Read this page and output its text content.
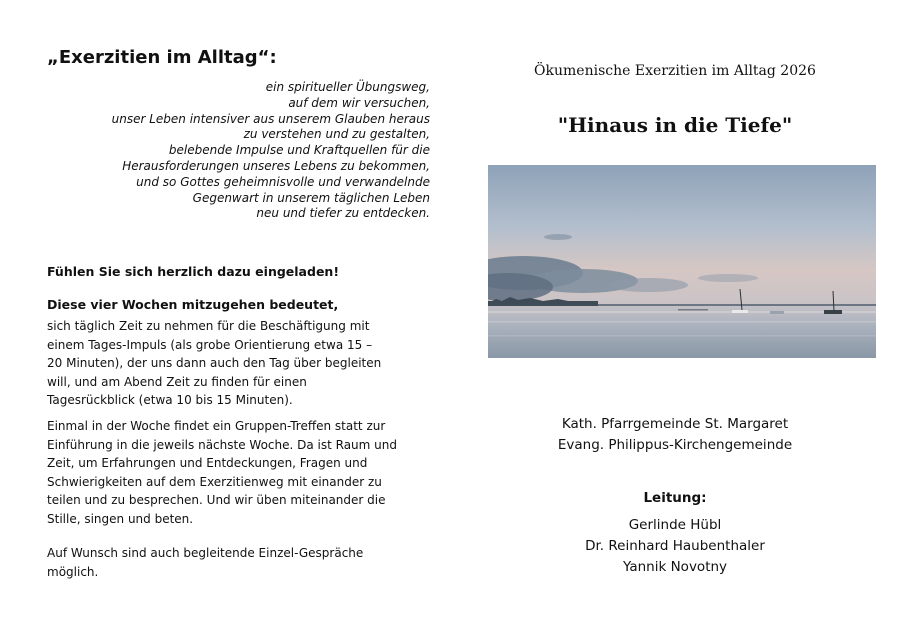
„Exerzitien im Alltag“:
ein spiritueller Übungsweg,
auf dem wir versuchen,
unser Leben intensiver aus unserem Glauben heraus
zu verstehen und zu gestalten,
belebende Impulse und Kraftquellen für die
Herausforderungen unseres Lebens zu bekommen,
und so Gottes geheimnisvolle und verwandelnde
Gegenwart in unserem täglichen Leben
neu und tiefer zu entdecken.

Fühlen Sie sich herzlich dazu eingeladen!

Diese vier Wochen mitzugehen bedeutet,

sich täglich Zeit zu nehmen für die Beschäftigung mit
einem Tages-Impuls (als grobe Orientierung etwa 15 –
20 Minuten), der uns dann auch den Tag über begleiten
will, und am Abend Zeit zu finden für einen
Tagesrückblick (etwa 10 bis 15 Minuten).
Einmal in der Woche findet ein Gruppen-Treffen statt zur
Einführung in die jeweils nächste Woche. Da ist Raum und
Zeit, um Erfahrungen und Entdeckungen, Fragen und
Schwierigkeiten auf dem Exerzitienweg mit einander zu
teilen und zu besprechen. Und wir üben miteinander die
Stille, singen und beten.
Auf Wunsch sind auch begleitende Einzel-Gespräche
möglich.

Ökumenische Exerzitien im Alltag 2026

"Hinaus in die Tiefe"
Kath. Pfarrgemeinde St. Margaret
Evang. Philippus-Kirchengemeinde

Leitung:

Gerlinde Hübl
Dr. Reinhard Haubenthaler
Yannik Novotny
